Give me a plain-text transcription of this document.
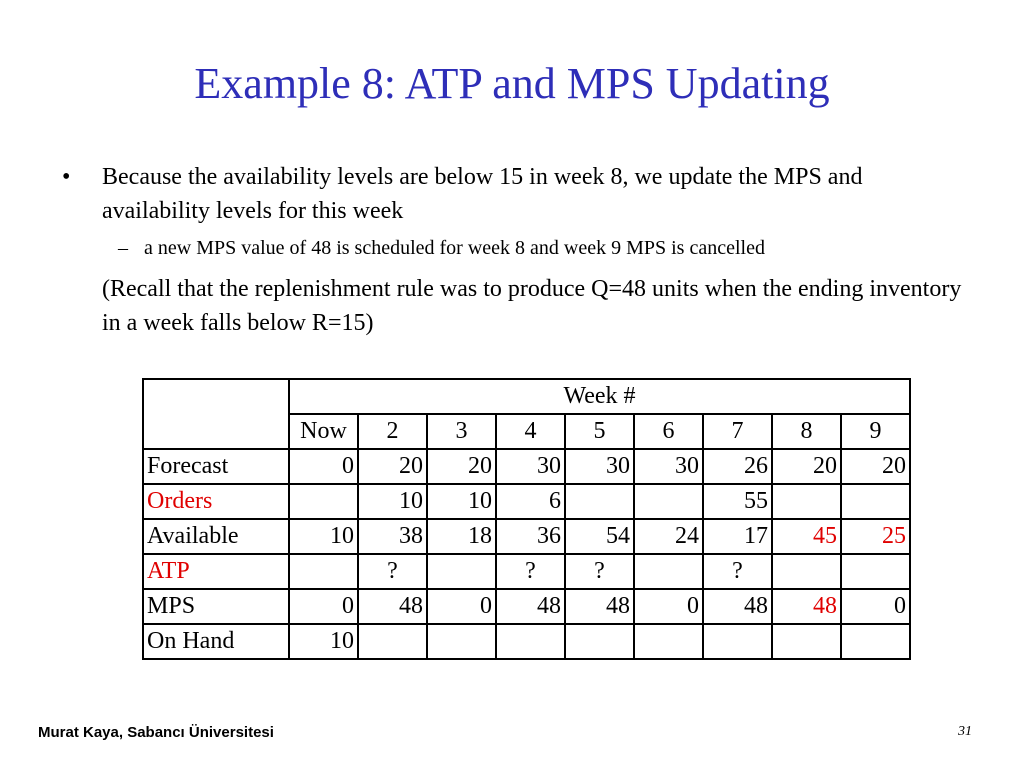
Example 8: ATP and MPS Updating
• Because the availability levels are below 15 in week 8, we update the MPS and availability levels for this week
– a new MPS value of 48 is scheduled for week 8 and week 9 MPS is cancelled
(Recall that the replenishment rule was to produce Q=48 units when the ending inventory in a week falls below R=15)
	Week #								
	Now	2	3	4	5	6	7	8	9
Forecast	0	20	20	30	30	30	26	20	20
Orders		10	10	6			55		
Available	10	38	18	36	54	24	17	45	25
ATP		?		?	?		?		
MPS	0	48	0	48	48	0	48	48	0
On Hand	10								
Murat Kaya, Sabancı Üniversitesi	31
